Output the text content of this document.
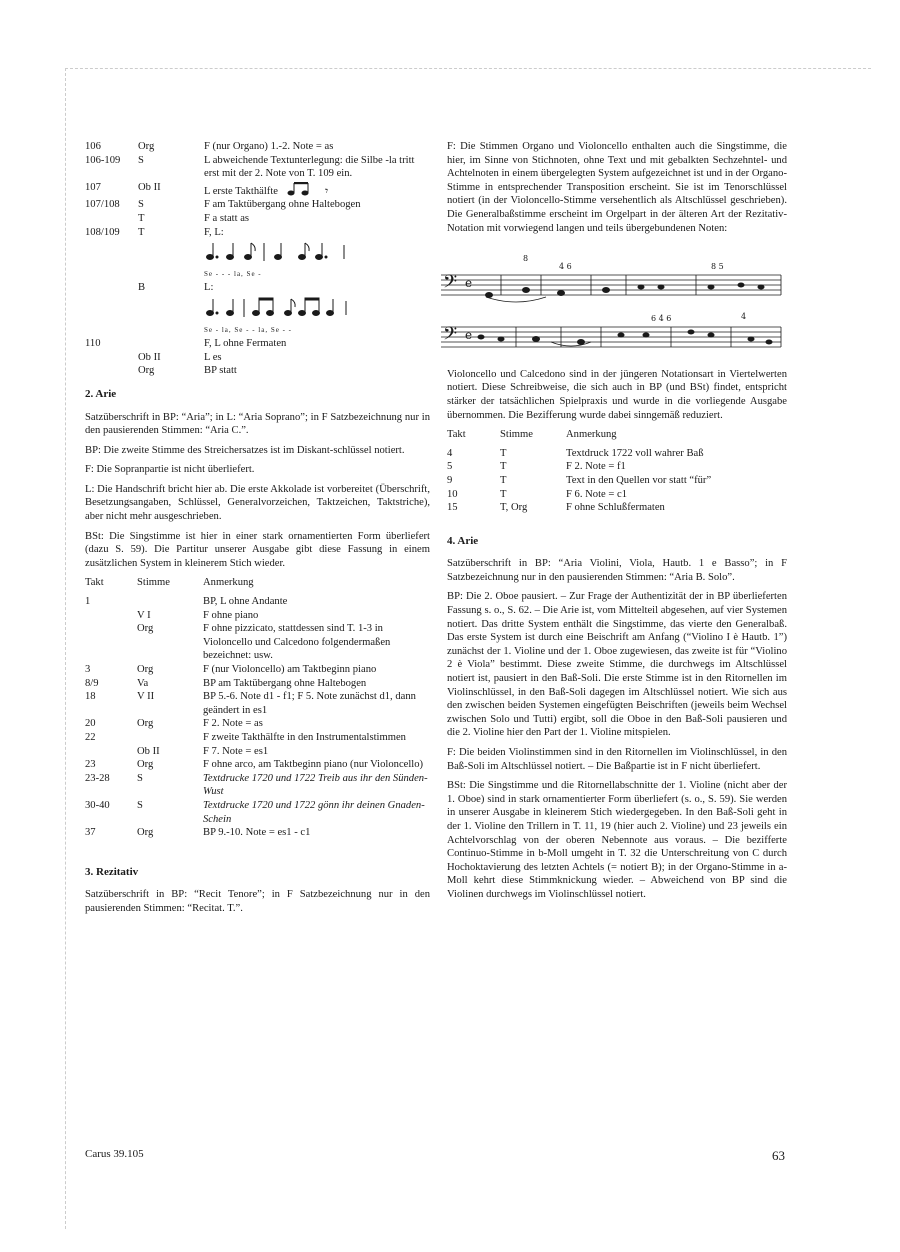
106	Org	F (nur Organo) 1.-2. Note = as
106-109	S	L abweichende Textunterlegung: die Silbe -la tritt erst mit der 2. Note von T. 109 ein.
107	Ob II	L erste Takthälfte 𝄾

107/108	S	F am Taktübergang ohne Haltebogen
	T	F a statt as
108/109	T	F, L:
Se - - - la, Se -

	B	L:
Se - la, Se - - la, Se - -

110		F, L ohne Fermaten
	Ob II	L es
	Org	BP statt
2. Arie

Satzüberschrift in BP: “Aria”; in L: “Aria Soprano”; in F Satzbezeichnung nur in den pausierenden Stimmen: “Aria C.”.

BP: Die zweite Stimme des Streichersatzes ist im Diskant-schlüssel notiert.

F: Die Sopranpartie ist nicht überliefert.

L: Die Handschrift bricht hier ab. Die erste Akkolade ist vorbereitet (Überschrift, Besetzungsangaben, Schlüssel, Generalvorzeichen, Taktzeichen, Taktstriche), aber nicht mehr ausgeschrieben.

BSt: Die Singstimme ist hier in einer stark ornamentierten Form überliefert (dazu S. 59). Die Partitur unserer Ausgabe gibt diese Fassung in einem zusätzlichen System in kleinerem Stich wieder.

Takt	Stimme	Anmerkung
1		BP, L ohne Andante
	V I	F ohne piano
	Org	F ohne pizzicato, stattdessen sind T. 1-3 in Violoncello und Calcedono folgendermaßen bezeichnet: usw.
3	Org	F (nur Violoncello) am Taktbeginn piano
8/9	Va	BP am Taktübergang ohne Haltebogen
18	V II	BP 5.-6. Note d1 - f1; F 5. Note zunächst d1, dann geändert in es1
20	Org	F 2. Note = as
22		F zweite Takthälfte in den Instrumentalstimmen
	Ob II	F 7. Note = es1
23	Org	F ohne arco, am Taktbeginn piano (nur Violoncello)
23-28	S	Textdrucke 1720 und 1722 Treib aus ihr den Sünden-Wust
30-40	S	Textdrucke 1720 und 1722 gönn ihr deinen Gnaden-Schein
37	Org	BP 9.-10. Note = es1 - c1
3. Rezitativ

Satzüberschrift in BP: “Recit Tenore”; in F Satzbezeichnung nur in den pausierenden Stimmen: “Recitat. T.”.

F: Die Stimmen Organo und Violoncello enthalten auch die Singstimme, die hier, im Sinne von Stichnoten, ohne Text und mit gebalkten Sechzehntel- und Achtelnoten in einem übergelegten System aufgezeichnet ist und in der Organo-Stimme in entsprechender Transposition erscheint. Sie ist im Tenorschlüssel notiert (in der Violoncello-Stimme versehentlich als Altschlüssel geschrieben). Die Generalbaßstimme erscheint im Orgelpart in der älteren Art der Rezitativ-Notation mit vorwiegend langen und teils übergebundenen Noten:

𝄢
𝄢
e
e
8
4 6	8 5
6 4 6	4

Violoncello und Calcedono sind in der jüngeren Notationsart in Viertelwerten notiert. Diese Schreibweise, die sich auch in BP (und BSt) findet, entspricht stärker der tatsächlichen Spielpraxis und wurde in die vorliegende Ausgabe übernommen. Die Bezifferung wurde dabei sinngemäß reduziert.

Takt	Stimme	Anmerkung
4	T	Textdruck 1722 voll wahrer Baß
5	T	F 2. Note = f1
9	T	Text in den Quellen vor statt “für”
10	T	F 6. Note = c1
15	T, Org	F ohne Schlußfermaten
4. Arie

Satzüberschrift in BP: “Aria Violini, Viola, Hautb. 1 e Basso”; in F Satzbezeichnung nur in den pausierenden Stimmen: “Aria B. Solo”.

BP: Die 2. Oboe pausiert. – Zur Frage der Authentizität der in BP überlieferten Fassung s. o., S. 62. – Die Arie ist, vom Mittelteil abgesehen, auf vier Systemen notiert. Das dritte System enthält die Singstimme, das vierte den Generalbaß. Das erste System ist durch eine Beischrift am Anfang (“Violino I è Hautb. 1”) zunächst der 1. Violine und der 1. Oboe zugewiesen, das zweite ist für “Violino 2 è Viola” bestimmt. Diese zweite Stimme, die durchwegs im Altschlüssel notiert ist, pausiert in den Baß-Soli. Die erste Stimme ist in den Ritornellen im Violinschlüssel, in den Baß-Soli dagegen im Altschlüssel notiert. Wie sich aus den zwischen beiden Systemen eingefügten Beischriften (jeweils beim Wechsel zwischen Solo und Tutti) ergibt, soll die Oboe in den Baß-Soli pausieren und die 2. Violine hier den Part der 1. Violine mitspielen.

F: Die beiden Violinstimmen sind in den Ritornellen im Violinschlüssel, in den Baß-Soli im Altschlüssel notiert. – Die Baßpartie ist in F nicht überliefert.

BSt: Die Singstimme und die Ritornellabschnitte der 1. Violine (nicht aber der 1. Oboe) sind in stark ornamentierter Form überliefert (s. o., S. 59). Sie werden in unserer Ausgabe in kleinerem Stich wiedergegeben. In den Baß-Soli geht in der 1. Violine den Trillern in T. 11, 19 (hier auch 2. Violine) und 23 jeweils ein Achtelvorschlag von der oberen Nebennote aus voraus. – Die bezifferte Continuo-Stimme in b-Moll umgeht in T. 32 die Unterschreitung von C durch Hochoktavierung des letzten Achtels (= notiert B); in der Organo-Stimme in a-Moll kehrt diese Stimmknickung wieder. – Abweichend von BP sind die Violinen durchwegs im Violinschlüssel notiert.

Carus 39.105	63
